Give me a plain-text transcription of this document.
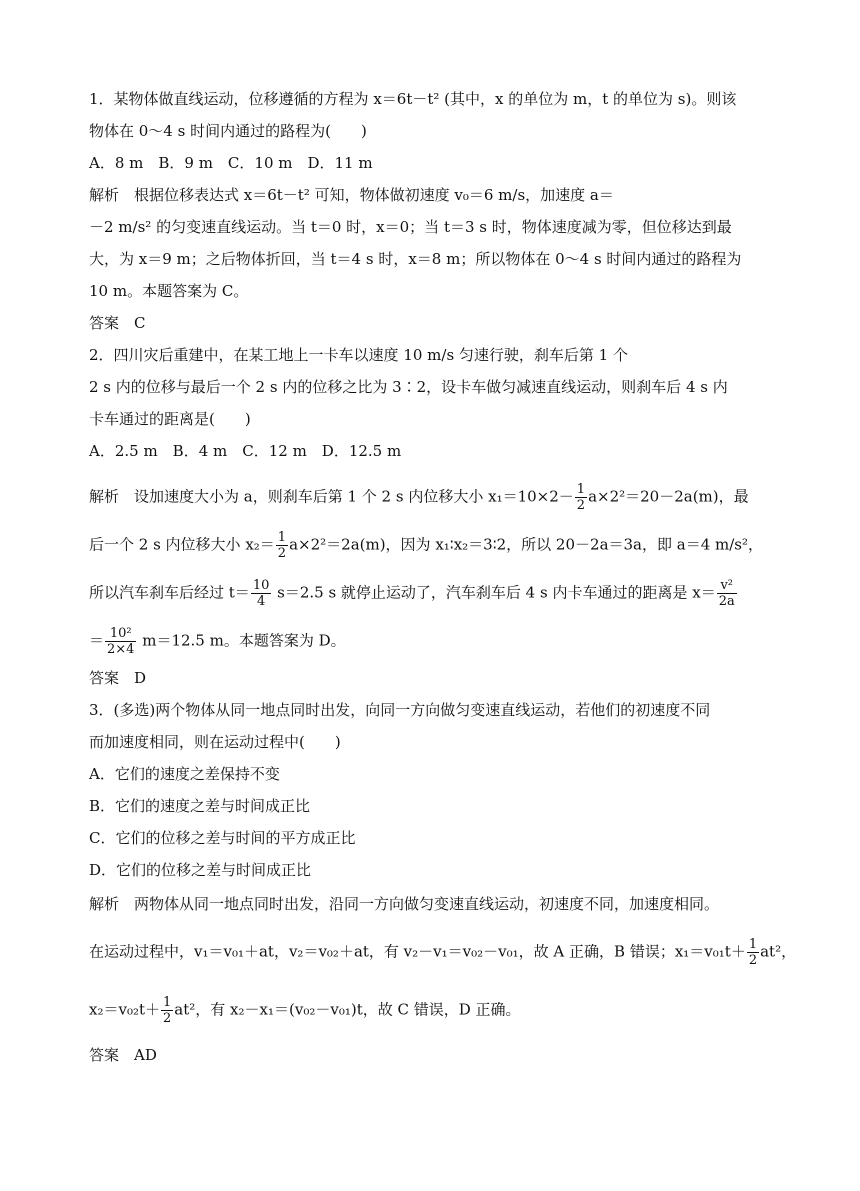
1．某物体做直线运动，位移遵循的方程为 x＝6t－t² (其中，x 的单位为 m，t 的单位为 s)。则该
物体在 0～4 s 时间内通过的路程为(　　)
A．8 m　B．9 m　C．10 m　D．11 m
解析　根据位移表达式 x＝6t－t² 可知，物体做初速度 v₀＝6 m/s，加速度 a＝
－2 m/s² 的匀变速直线运动。当 t＝0 时，x＝0；当 t＝3 s 时，物体速度减为零，但位移达到最
大，为 x＝9 m；之后物体折回，当 t＝4 s 时，x＝8 m；所以物体在 0～4 s 时间内通过的路程为
10 m。本题答案为 C。
答案　C
2．四川灾后重建中，在某工地上一卡车以速度 10 m/s 匀速行驶，刹车后第 1 个
2 s 内的位移与最后一个 2 s 内的位移之比为 3∶2，设卡车做匀减速直线运动，则刹车后 4 s 内
卡车通过的距离是(　　)
A．2.5 m　B．4 m　C．12 m　D．12.5 m
解析　设加速度大小为 a，则刹车后第 1 个 2 s 内位移大小 $x_1=10\times 2- \frac{1}{2} a\times 2^2=20-2a(m)$，最
后一个 2 s 内位移大小 $x_2= \frac{1}{2} a\times 2^2=2a(m)$，因为 x₁∶x₂＝3∶2，所以 20－2a＝3a，即 a＝4 m/s²，
所以汽车刹车后经过 $t= \frac{10}{4} s=2.5$ s 就停止运动了，汽车刹车后 4 s 内卡车通过的距离是 $x= \frac{\text{v²}}{2a}$
＝ $\frac{\text{10²}}{2\times 4} m=12.5$ m。本题答案为 D。
答案　D
3．(多选)两个物体从同一地点同时出发，向同一方向做匀变速直线运动，若他们的初速度不同
而加速度相同，则在运动过程中(　　)
A．它们的速度之差保持不变
B．它们的速度之差与时间成正比
C．它们的位移之差与时间的平方成正比
D．它们的位移之差与时间成正比
解析　两物体从同一地点同时出发，沿同一方向做匀变速直线运动，初速度不同，加速度相同。
在运动过程中，v₁＝v₀₁＋at，v₂＝v₀₂＋at，有 v₂－v₁＝v₀₂－v₀₁，故 A 正确，B 错误；$x_1=v_{01}t+ \frac{1}{2} at^2$，
$x_2=v_{02}t+ \frac{1}{2} at^2$，有 x₂－x₁＝(v₀₂－v₀₁)t，故 C 错误，D 正确。
答案　AD
